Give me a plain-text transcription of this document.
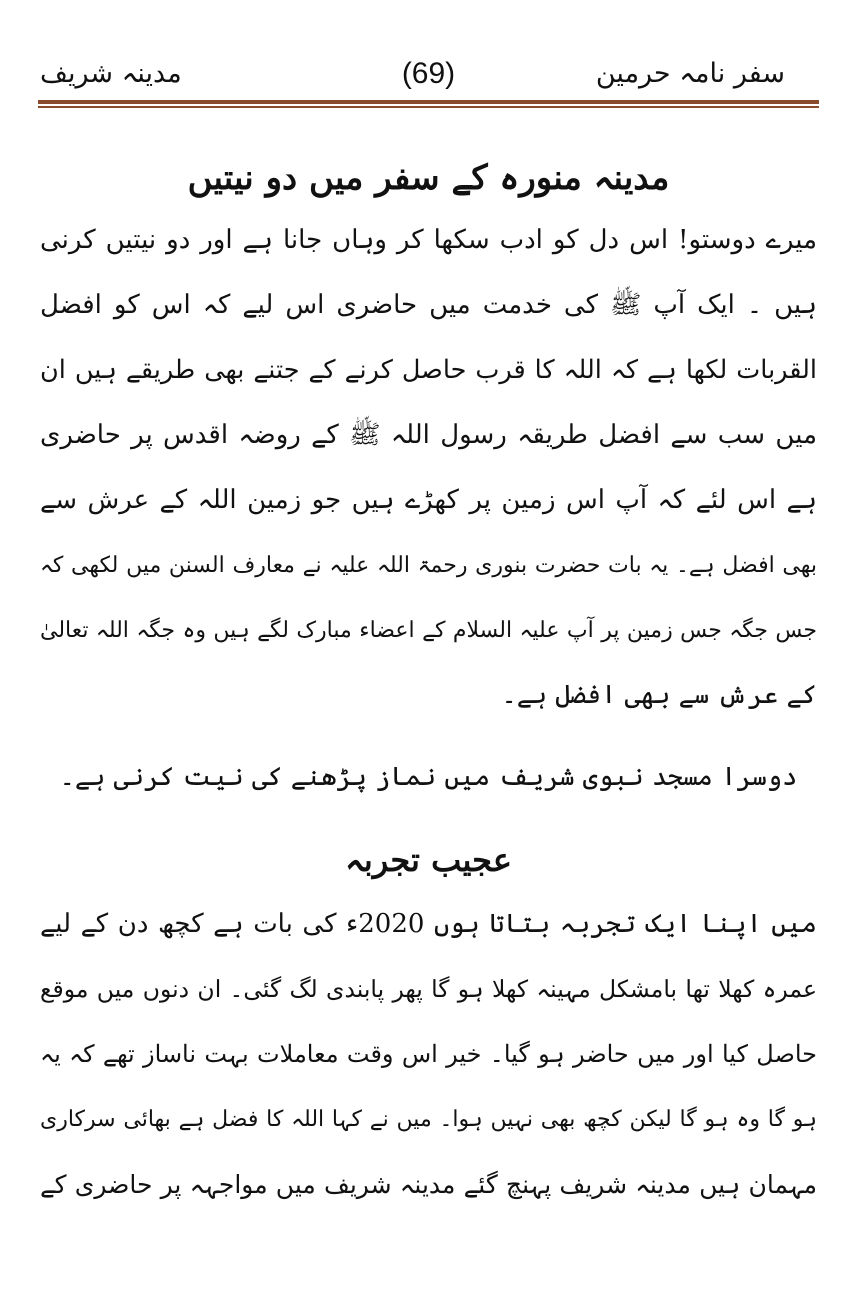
سفر نامہ حرمین
(69)
مدینہ شریف
مدینہ منورہ کے سفر میں دو نیتیں
میرے دوستو! اس دل کو ادب سکھا کر وہاں جانا ہے اور دو نیتیں کرنی
ہیں ۔ ایک آپ ﷺ کی خدمت میں حاضری اس لیے کہ اس کو افضل
القربات لکھا ہے کہ اللہ کا قرب حاصل کرنے کے جتنے بھی طریقے ہیں ان
میں سب سے افضل طریقہ رسول اللہ ﷺ کے روضہ اقدس پر حاضری
ہے اس لئے کہ آپ اس زمین پر کھڑے ہیں جو زمین اللہ کے عرش سے
بھی افضل ہے۔ یہ بات حضرت بنوری رحمۃ اللہ علیہ نے معارف السنن میں لکھی کہ
جس جگہ جس زمین پر آپ علیہ السلام کے اعضاء مبارک لگے ہیں وہ جگہ اللہ تعالیٰ
کے عرش سے بھی افضل ہے۔
دوسرا مسجد نبوی شریف میں نماز پڑھنے کی نیت کرنی ہے۔
عجیب تجربہ
میں اپنا ایک تجربہ بتاتا ہوں 2020ء کی بات ہے کچھ دن کے لیے
عمرہ کھلا تھا بامشکل مہینہ کھلا ہو گا پھر پابندی لگ گئی۔ ان دنوں میں موقع
حاصل کیا اور میں حاضر ہو گیا۔ خیر اس وقت معاملات بہت ناساز تھے کہ یہ
ہو گا وہ ہو گا لیکن کچھ بھی نہیں ہوا۔ میں نے کہا اللہ کا فضل ہے بھائی سرکاری
مہمان ہیں مدینہ شریف پہنچ گئے مدینہ شریف میں مواجہہ پر حاضری کے
